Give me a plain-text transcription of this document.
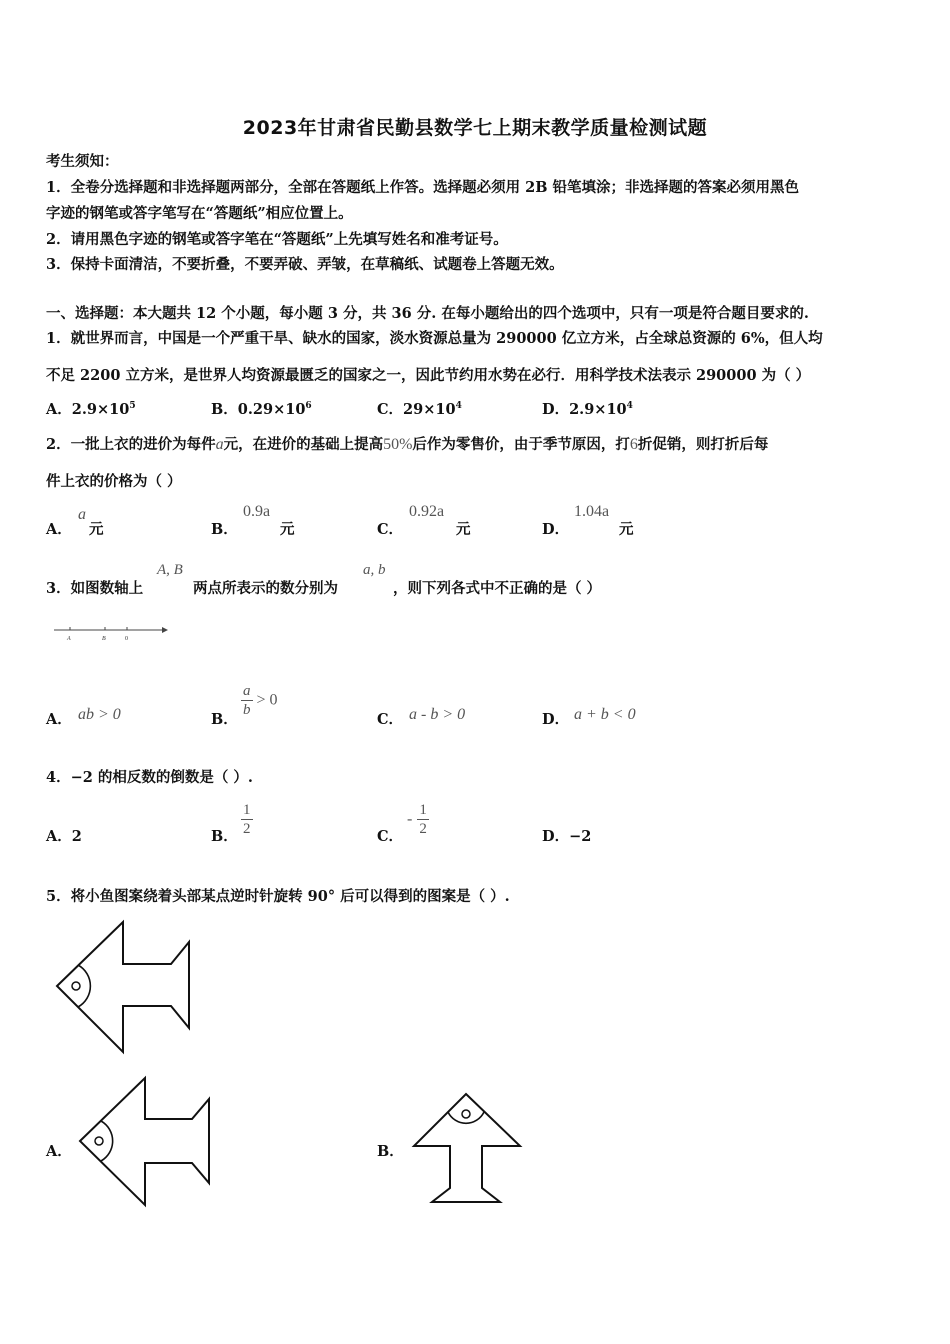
2023年甘肃省民勤县数学七上期末教学质量检测试题
考生须知：
1．全卷分选择题和非选择题两部分，全部在答题纸上作答。选择题必须用 2B 铅笔填涂；非选择题的答案必须用黑色
字迹的钢笔或答字笔写在“答题纸”相应位置上。
2．请用黑色字迹的钢笔或答字笔在“答题纸”上先填写姓名和准考证号。
3．保持卡面清洁，不要折叠，不要弄破、弄皱，在草稿纸、试题卷上答题无效。
一、选择题：本大题共 12 个小题，每小题 3 分，共 36 分. 在每小题给出的四个选项中，只有一项是符合题目要求的.
1．就世界而言，中国是一个严重干旱、缺水的国家，淡水资源总量为 290000 亿立方米，占全球总资源的 6%，但人均
不足 2200 立方米，是世界人均资源最匮乏的国家之一，因此节约用水势在必行．用科学技术法表示 290000 为（ ）
A．$2.9\times 10^5$	B．$0.29\times 10^6$	C．$29\times 10^4$	D．$2.9\times 10^4$
2．一批上衣的进价为每件a元，在进价的基础上提高50%后作为零售价，由于季节原因，打6折促销，则打折后每
件上衣的价格为（ ）
A．
a
元	B．
0.9a
元	C．
0.92a
元	D．
1.04a
元
3．如图数轴上
A, B
两点所表示的数分别为
a, b
，则下列各式中不正确的是（ ）
A	B	0
A． ab > 0	B．
$\frac{a}{b} > 0$
C． a - b > 0	D． a + b < 0
4．−2 的相反数的倒数是（ ）.
A．2	B． $\frac{1}{2}$	C．
- $\frac{1}{2}$	D．−2
5．将小鱼图案绕着头部某点逆时针旋转 90° 后可以得到的图案是（ ）.
A．	B．
